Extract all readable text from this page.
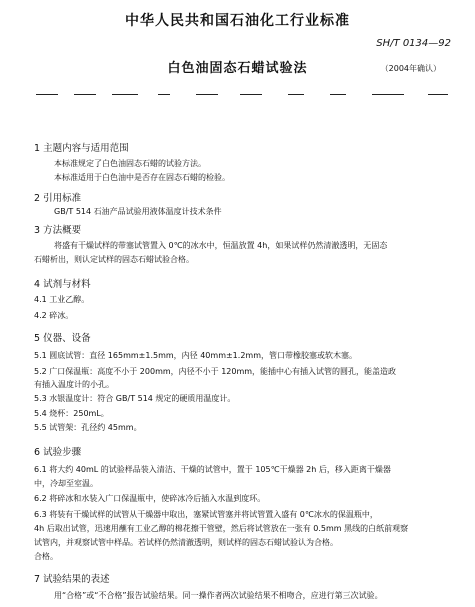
中华人民共和国石油化工行业标准
SH/T 0134—92
白色油固态石蜡试验法	（2004年确认）
1 主题内容与适用范围
本标准规定了白色油固态石蜡的试验方法。
本标准适用于白色油中是否存在固态石蜡的检验。
2 引用标准
GB/T 514 石油产品试验用液体温度计技术条件
3 方法概要
将盛有干燥试样的带塞试管置入 0℃的冰水中，恒温放置 4h，如果试样仍然清澈透明，无固态
石蜡析出，则认定试样的固态石蜡试验合格。
4 试剂与材料
4.1 工业乙醇。
4.2 碎冰。
5 仪器、设备
5.1 圆底试管：直径 165mm±1.5mm，内径 40mm±1.2mm，管口带橡胶塞或软木塞。
5.2 广口保温瓶：高度不小于 200mm，内径不小于 120mm，能插中心有插入试管的圆孔，能盖造政
有插入温度计的小孔。
5.3 水银温度计：符合 GB/T 514 规定的硬质用温度计。
5.4 烧杯：250mL。
5.5 试管架：孔径约 45mm。
6 试验步骤
6.1 将大约 40mL 的试验样品装入清洁、干燥的试管中，置于 105℃干燥器 2h 后，移入距离干燥器
中，冷却至室温。
6.2 将碎冰和水装入广口保温瓶中，使碎冰冷后插入水温到度环。
6.3 将装有干燥试样的试管从干燥器中取出，塞紧试管塞并将试管置入盛有 0℃冰水的保温瓶中，
4h 后取出试管，迅速用蘸有工业乙醇的棉花擦干管壁，然后将试管放在一张有 0.5mm 黑线的白纸前观察
试管内，并观察试管中样品。若试样仍然清澈透明，则试样的固态石蜡试验认为合格。
合格。
7 试验结果的表述
用“合格”或“不合格”报告试验结果。同一操作者两次试验结果不相吻合，应进行第三次试验。
